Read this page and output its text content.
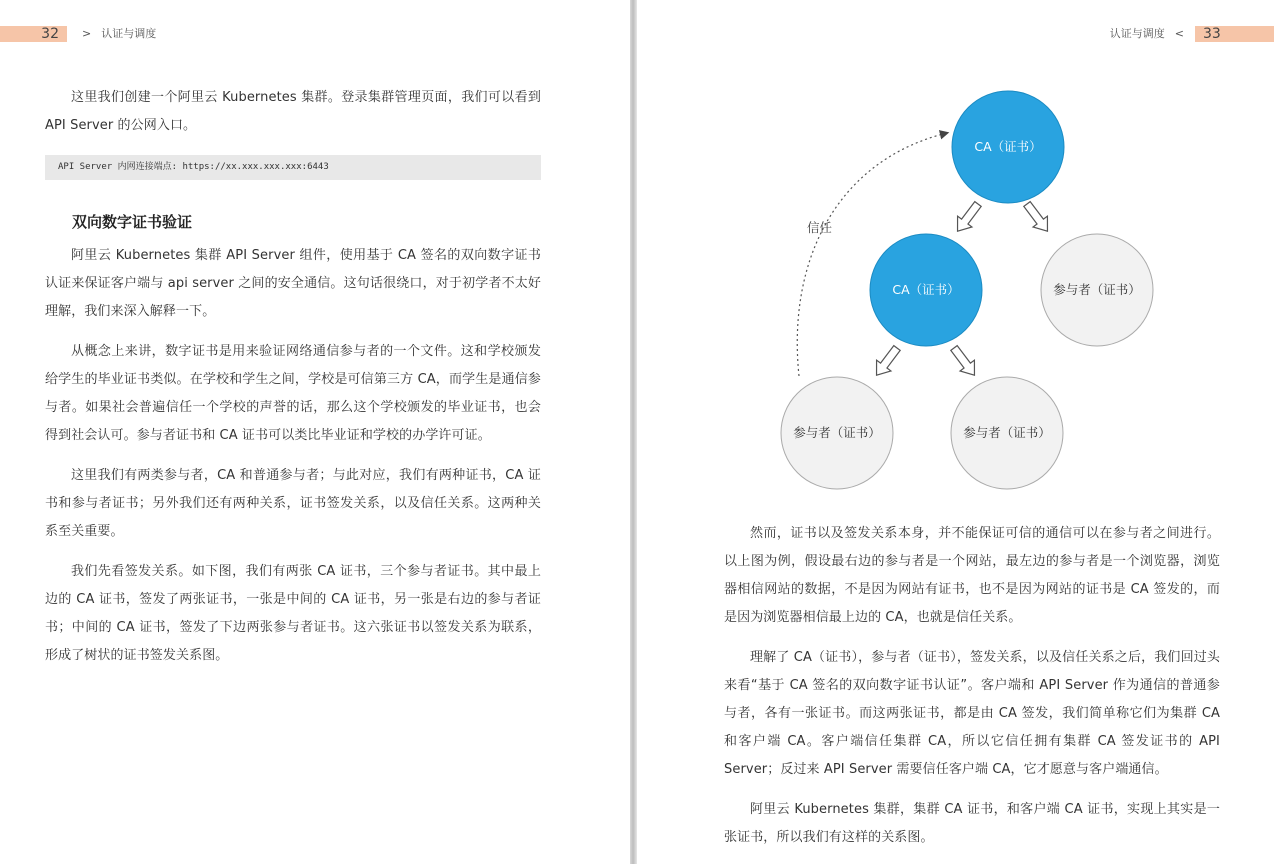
32	> 认证与调度

这里我们创建一个阿里云 Kubernetes 集群。登录集群管理页面，我们可以看到 API Server 的公网入口。

API Server 内网连接端点: https://xx.xxx.xxx.xxx:6443
双向数字证书验证

阿里云 Kubernetes 集群 API Server 组件，使用基于 CA 签名的双向数字证书认证来保证客户端与 api server 之间的安全通信。这句话很绕口，对于初学者不太好理解，我们来深入解释一下。

从概念上来讲，数字证书是用来验证网络通信参与者的一个文件。这和学校颁发给学生的毕业证书类似。在学校和学生之间，学校是可信第三方 CA，而学生是通信参与者。如果社会普遍信任一个学校的声誉的话，那么这个学校颁发的毕业证书，也会得到社会认可。参与者证书和 CA 证书可以类比毕业证和学校的办学许可证。

这里我们有两类参与者，CA 和普通参与者；与此对应，我们有两种证书，CA 证书和参与者证书；另外我们还有两种关系，证书签发关系，以及信任关系。这两种关系至关重要。

我们先看签发关系。如下图，我们有两张 CA 证书，三个参与者证书。其中最上边的 CA 证书，签发了两张证书，一张是中间的 CA 证书，另一张是右边的参与者证书；中间的 CA 证书，签发了下边两张参与者证书。这六张证书以签发关系为联系，形成了树状的证书签发关系图。

认证与调度 <	33
信任
CA（证书）
CA（证书）	参与者（证书）
参与者（证书）	参与者（证书）

然而，证书以及签发关系本身，并不能保证可信的通信可以在参与者之间进行。以上图为例，假设最右边的参与者是一个网站，最左边的参与者是一个浏览器，浏览器相信网站的数据，不是因为网站有证书，也不是因为网站的证书是 CA 签发的，而是因为浏览器相信最上边的 CA，也就是信任关系。

理解了 CA（证书），参与者（证书），签发关系，以及信任关系之后，我们回过头来看“基于 CA 签名的双向数字证书认证”。客户端和 API Server 作为通信的普通参与者，各有一张证书。而这两张证书，都是由 CA 签发，我们简单称它们为集群 CA 和客户端 CA。客户端信任集群 CA，所以它信任拥有集群 CA 签发证书的 API Server；反过来 API Server 需要信任客户端 CA，它才愿意与客户端通信。

阿里云 Kubernetes 集群，集群 CA 证书，和客户端 CA 证书，实现上其实是一张证书，所以我们有这样的关系图。
